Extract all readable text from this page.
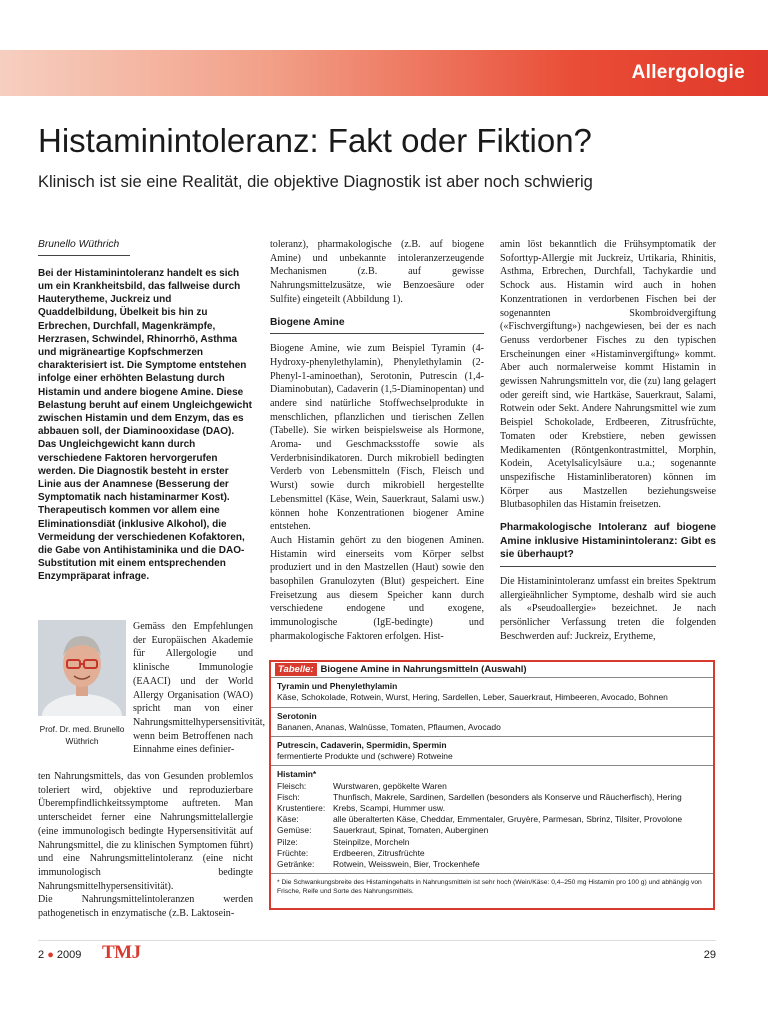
Allergologie
Histaminintoleranz: Fakt oder Fiktion?
Klinisch ist sie eine Realität, die objektive Diagnostik ist aber noch schwierig
Brunello Wüthrich

Bei der Histaminintoleranz handelt es sich um ein Krankheitsbild, das fallweise durch Hauterytheme, Juckreiz und Quaddelbildung, Übelkeit bis hin zu Erbrechen, Durchfall, Magenkrämpfe, Herzrasen, Schwindel, Rhinorrhö, Asthma und migräneartige Kopfschmerzen charakterisiert ist. Die Symptome entstehen infolge einer erhöhten Belastung durch Histamin und andere biogene Amine. Diese Belastung beruht auf einem Ungleichgewicht zwischen Histamin und dem Enzym, das es abbauen soll, der Diaminooxidase (DAO). Das Ungleichgewicht kann durch verschiedene Faktoren hervorgerufen werden. Die Diagnostik besteht in erster Linie aus der Anamnese (Besserung der Symptomatik nach histaminarmer Kost). Therapeutisch kommen vor allem eine Eliminationsdiät (inklusive Alkohol), die Vermeidung der verschiedenen Kofaktoren, die Gabe von Antihistaminika und die DAO-Substitution mit einem entsprechenden Enzympräparat infrage.

Prof. Dr. med. Brunello Wüthrich

Gemäss den Empfehlungen der Europäischen Akademie für Allergologie und klinische Immunologie (EAACI) und der World Allergy Organisation (WAO) spricht man von einer Nahrungsmittelhypersensitivität, wenn beim Betroffenen nach Einnahme eines definier-

ten Nahrungsmittels, das von Gesunden problemlos toleriert wird, objektive und reproduzierbare Überempfindlichkeitssymptome auftreten. Man unterscheidet ferner eine Nahrungsmittelallergie (eine immunologisch bedingte Hypersensitivität auf Nahrungsmittel, die zu klinischen Symptomen führt) und eine Nahrungsmittelintoleranz (eine nicht immunologisch bedingte Nahrungsmittelhypersensitivität).

Die Nahrungsmittelintoleranzen werden pathogenetisch in enzymatische (z.B. Laktosein-

toleranz), pharmakologische (z.B. auf biogene Amine) und unbekannte intoleranzerzeugende Mechanismen (z.B. auf gewisse Nahrungsmittelzusätze, wie Benzoesäure oder Sulfite) eingeteilt (Abbildung 1).

Biogene Amine

Biogene Amine, wie zum Beispiel Tyramin (4-Hydroxy-phenylethylamin), Phenylethylamin (2-Phenyl-1-aminoethan), Serotonin, Putrescin (1,4-Diaminobutan), Cadaverin (1,5-Diaminopentan) und andere sind natürliche Stoffwechselprodukte in menschlichen, pflanzlichen und tierischen Zellen (Tabelle). Sie wirken beispielsweise als Hormone, Aroma- und Geschmacksstoffe sowie als Verderbnisindikatoren. Durch mikrobiell bedingten Verderb von Lebensmitteln (Fisch, Fleisch und Wurst) sowie durch mikrobiell hergestellte Lebensmittel (Käse, Wein, Sauerkraut, Salami usw.) können hohe Konzentrationen biogener Amine entstehen.

Auch Histamin gehört zu den biogenen Aminen. Histamin wird einerseits vom Körper selbst produziert und in den Mastzellen (Haut) sowie den basophilen Granulozyten (Blut) gespeichert. Eine Freisetzung aus diesem Speicher kann durch verschiedene endogene und exogene, immunologische (IgE-bedingte) und pharmakologische Faktoren erfolgen. Hist-

amin löst bekanntlich die Frühsymptomatik der Soforttyp-Allergie mit Juckreiz, Urtikaria, Rhinitis, Asthma, Erbrechen, Durchfall, Tachykardie und Schock aus. Histamin wird auch in hohen Konzentrationen in verdorbenen Fischen bei der sogenannten Skombroidvergiftung («Fischvergiftung») nachgewiesen, bei der es nach Genuss verdorbener Fisches zu den typischen Erscheinungen einer «Histaminvergiftung» kommt. Aber auch normalerweise kommt Histamin in gewissen Nahrungsmitteln vor, die (zu) lang gelagert oder gereift sind, wie Hartkäse, Sauerkraut, Salami, Rotwein oder Sekt. Andere Nahrungsmittel wie zum Beispiel Schokolade, Erdbeeren, Zitrusfrüchte, Tomaten oder Krebstiere, neben gewissen Medikamenten (Röntgenkontrastmittel, Morphin, Kodein, Acetylsalicylsäure u.a.; sogenannte unspezifische Histaminliberatoren) können im Körper aus Mastzellen beziehungsweise Blutbasophilen das Histamin freisetzen.

Pharmakologische Intoleranz auf biogene Amine inklusive Histaminintoleranz: Gibt es sie überhaupt?

Die Histaminintoleranz umfasst ein breites Spektrum allergieähnlicher Symptome, deshalb wird sie auch als «Pseudoallergie» bezeichnet. Je nach persönlicher Verfassung treten die folgenden Beschwerden auf: Juckreiz, Erytheme,

Tabelle: Biogene Amine in Nahrungsmitteln (Auswahl)
Tyramin und Phenylethylamin
Käse, Schokolade, Rotwein, Wurst, Hering, Sardellen, Leber, Sauerkraut, Himbeeren, Avocado, Bohnen
Serotonin
Bananen, Ananas, Walnüsse, Tomaten, Pflaumen, Avocado
Putrescin, Cadaverin, Spermidin, Spermin
fermentierte Produkte und (schwere) Rotweine
Histamin*
Fleisch:	Wurstwaren, gepökelte Waren
Fisch:	Thunfisch, Makrele, Sardinen, Sardellen (besonders als Konserve und Räucherfisch), Hering
Krustentiere: Krebs, Scampi, Hummer usw.
Käse:	alle überalterten Käse, Cheddar, Emmentaler, Gruyère, Parmesan, Sbrinz, Tilsiter, Provolone
Gemüse:	Sauerkraut, Spinat, Tomaten, Auberginen
Pilze:	Steinpilze, Morcheln
Früchte:	Erdbeeren, Zitrusfrüchte
Getränke:	Rotwein, Weisswein, Bier, Trockenhefe
* Die Schwankungsbreite des Histamingehalts in Nahrungsmitteln ist sehr hoch (Wein/Käse: 0,4–250 mg Histamin pro 100 g) und abhängig von Frische, Reife und Sorte des Nahrungsmittels.
2 ● 2009 TMJ	29
